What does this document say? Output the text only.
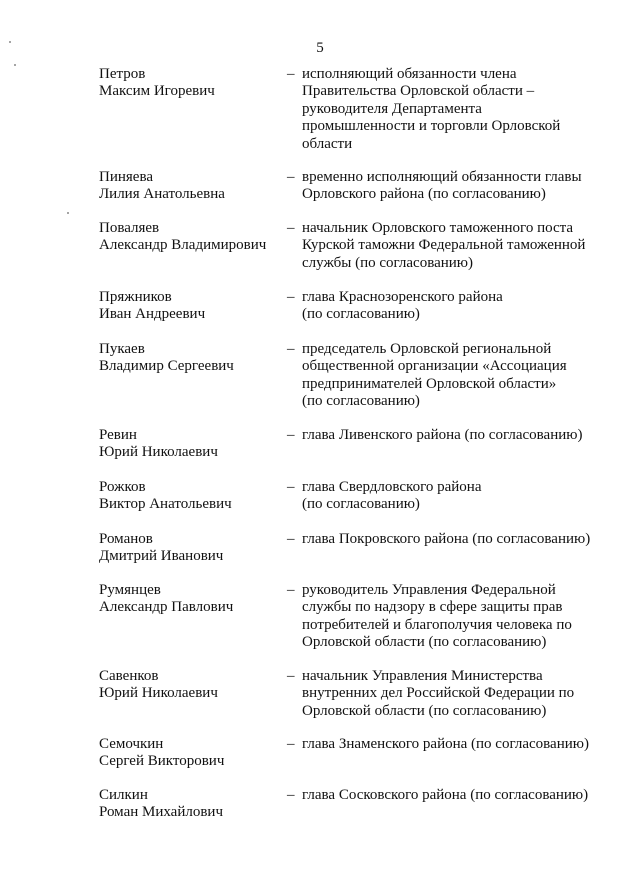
5
Петров
Максим Игоревич
– исполняющий обязанности члена
Правительства Орловской области –
руководителя Департамента
промышленности и торговли Орловской
области
Пиняева
Лилия Анатольевна
– временно исполняющий обязанности главы
Орловского района (по согласованию)
Поваляев
Александр Владимирович
– начальник Орловского таможенного поста
Курской таможни Федеральной таможенной
службы (по согласованию)
Пряжников
Иван Андреевич
– глава Краснозоренского района
(по согласованию)
Пукаев
Владимир Сергеевич
– председатель Орловской региональной
общественной организации «Ассоциация
предпринимателей Орловской области»
(по согласованию)
Ревин
Юрий Николаевич
– глава Ливенского района (по согласованию)
Рожков
Виктор Анатольевич
– глава Свердловского района
(по согласованию)
Романов
Дмитрий Иванович
– глава Покровского района (по согласованию)
Румянцев
Александр Павлович
– руководитель Управления Федеральной
службы по надзору в сфере защиты прав
потребителей и благополучия человека по
Орловской области (по согласованию)
Савенков
Юрий Николаевич
– начальник Управления Министерства
внутренних дел Российской Федерации по
Орловской области (по согласованию)
Семочкин
Сергей Викторович
– глава Знаменского района (по согласованию)
Силкин
Роман Михайлович
– глава Сосковского района (по согласованию)
